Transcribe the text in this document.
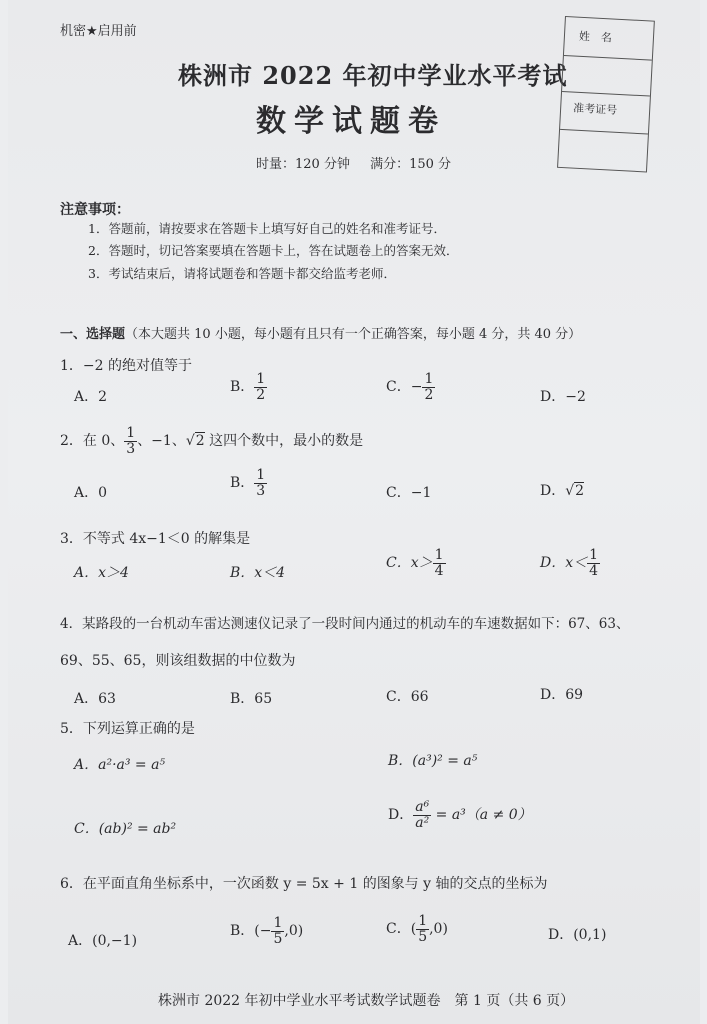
机密★启用前
株洲市 2022 年初中学业水平考试
数学试题卷
时量：120 分钟 满分：150 分
姓　名
准考证号
注意事项：
1．答题前，请按要求在答题卡上填写好自己的姓名和准考证号．
2．答题时，切记答案要填在答题卡上，答在试题卷上的答案无效．
3．考试结束后，请将试题卷和答题卡都交给监考老师．
一、选择题（本大题共 10 小题，每小题有且只有一个正确答案，每小题 4 分，共 40 分）
1．−2 的绝对值等于
A．2
B． $\frac{1}{2}$	C．− $\frac{1}{2}$	D．−2
2．在 0、 $\frac{1}{3}$ 、−1、√2 这四个数中，最小的数是
A．0
B． $\frac{1}{3}$	C．−1	D．√2
3．不等式 4x−1＜0 的解集是
A．x＞4	B．x＜4
C．$x> \frac{1}{4}$	D．$x< \frac{1}{4}$
4．某路段的一台机动车雷达测速仪记录了一段时间内通过的机动车的车速数据如下：67、63、
69、55、65，则该组数据的中位数为
A．63	B．65	C．66	D．69
5．下列运算正确的是
A．a²·a³ = a⁵	B．(a³)² = a⁵
C．(ab)² = ab²
D． $\frac{\text{a⁶}}{\text{a²}} = a^3(a \ne 0)$
6．在平面直角坐标系中，一次函数 y = 5x + 1 的图象与 y 轴的交点的坐标为
A．(0,−1)
B．(− $\frac{1}{5} ,0$)	C．( $\frac{1}{5} ,0$)	D．(0,1)
株洲市 2022 年初中学业水平考试数学试题卷　第 1 页（共 6 页）
